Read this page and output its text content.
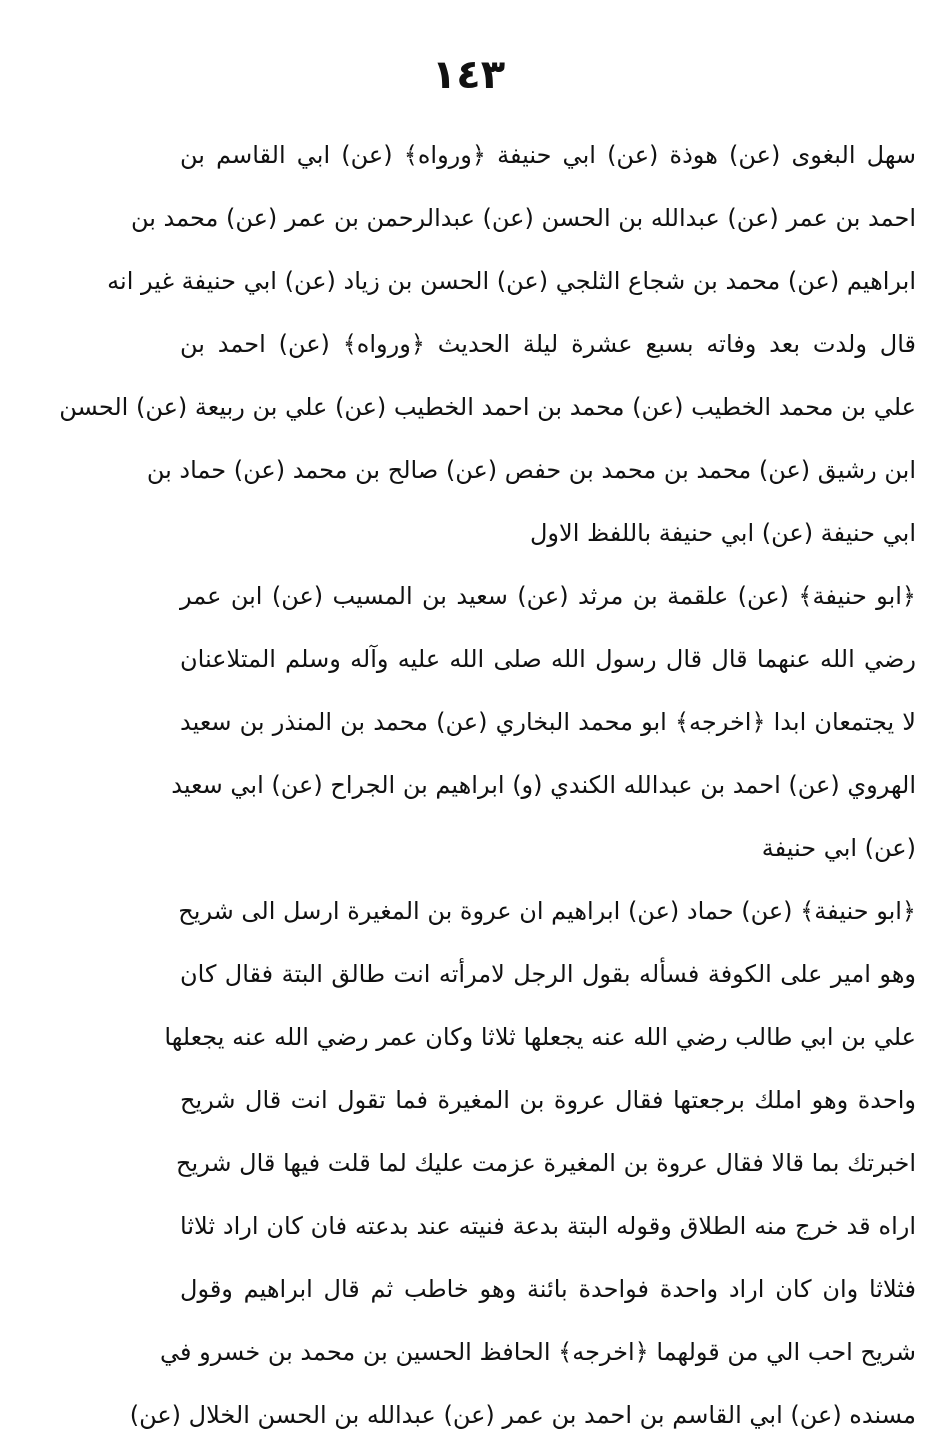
١٤٣
سهل البغوى (عن) هوذة (عن) ابي حنيفة ﴿ورواه﴾ (عن) ابي القاسم بن
احمد بن عمر (عن) عبدالله بن الحسن (عن) عبدالرحمن بن عمر (عن) محمد بن
ابراهيم (عن) محمد بن شجاع الثلجي (عن) الحسن بن زياد (عن) ابي حنيفة غير انه
قال ولدت بعد وفاته بسبع عشرة ليلة الحديث ﴿ورواه﴾ (عن) احمد بن
علي بن محمد الخطيب (عن) محمد بن احمد الخطيب (عن) علي بن ربيعة (عن) الحسن
ابن رشيق (عن) محمد بن محمد بن حفص (عن) صالح بن محمد (عن) حماد بن
ابي حنيفة (عن) ابي حنيفة باللفظ الاول
﴿ابو حنيفة﴾ (عن) علقمة بن مرثد (عن) سعيد بن المسيب (عن) ابن عمر
رضي الله عنهما قال قال رسول الله صلى الله عليه وآله وسلم المتلاعنان
لا يجتمعان ابدا ﴿اخرجه﴾ ابو محمد البخاري (عن) محمد بن المنذر بن سعيد
الهروي (عن) احمد بن عبدالله الكندي (و) ابراهيم بن الجراح (عن) ابي سعيد
(عن) ابي حنيفة
﴿ابو حنيفة﴾ (عن) حماد (عن) ابراهيم ان عروة بن المغيرة ارسل الى شريح
وهو امير على الكوفة فسأله بقول الرجل لامرأته انت طالق البتة فقال كان
علي بن ابي طالب رضي الله عنه يجعلها ثلاثا وكان عمر رضي الله عنه يجعلها
واحدة وهو املك برجعتها فقال عروة بن المغيرة فما تقول انت قال شريح
اخبرتك بما قالا فقال عروة بن المغيرة عزمت عليك لما قلت فيها قال شريح
اراه قد خرج منه الطلاق وقوله البتة بدعة فنيته عند بدعته فان كان اراد ثلاثا
فثلاثا وان كان اراد واحدة فواحدة بائنة وهو خاطب ثم قال ابراهيم وقول
شريح احب الي من قولهما ﴿اخرجه﴾ الحافظ الحسين بن محمد بن خسرو في
مسنده (عن) ابي القاسم بن احمد بن عمر (عن) عبدالله بن الحسن الخلال (عن)
